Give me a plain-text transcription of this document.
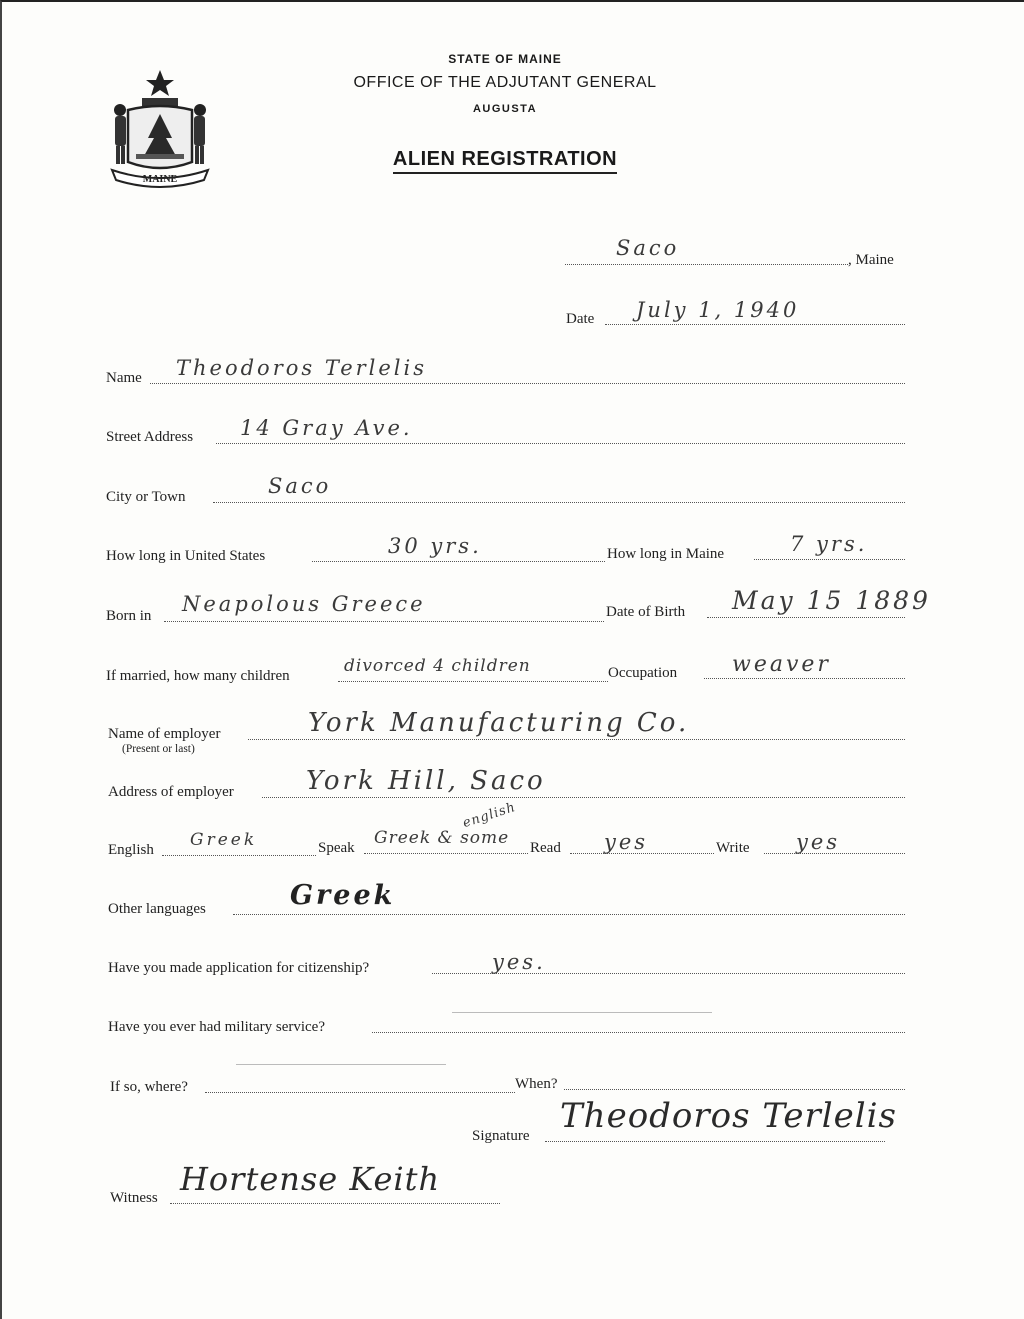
MAINE
STATE OF MAINE
OFFICE OF THE ADJUTANT GENERAL
AUGUSTA
ALIEN REGISTRATION
Saco	, Maine
Date July 1, 1940
Name Theodoros Terlelis
Street Address 14 Gray Ave.
City or Town	Saco
How long in United States	30 yrs.	How long in Maine	7 yrs.
Born in Neapolous Greece	Date of Birth May 15 1889
If married, how many children	divorced 4 children	Occupation weaver
Name of employer
(Present or last)
York Manufacturing Co.
Address of employer	York Hill, Saco
English Greek	Speak Greek & some
english
Read yes	Write yes
Other languages	Greek
Have you made application for citizenship?	yes.
Have you ever had military service?
If so, where?	When?
Signature Theodoros Terlelis
Witness Hortense Keith
